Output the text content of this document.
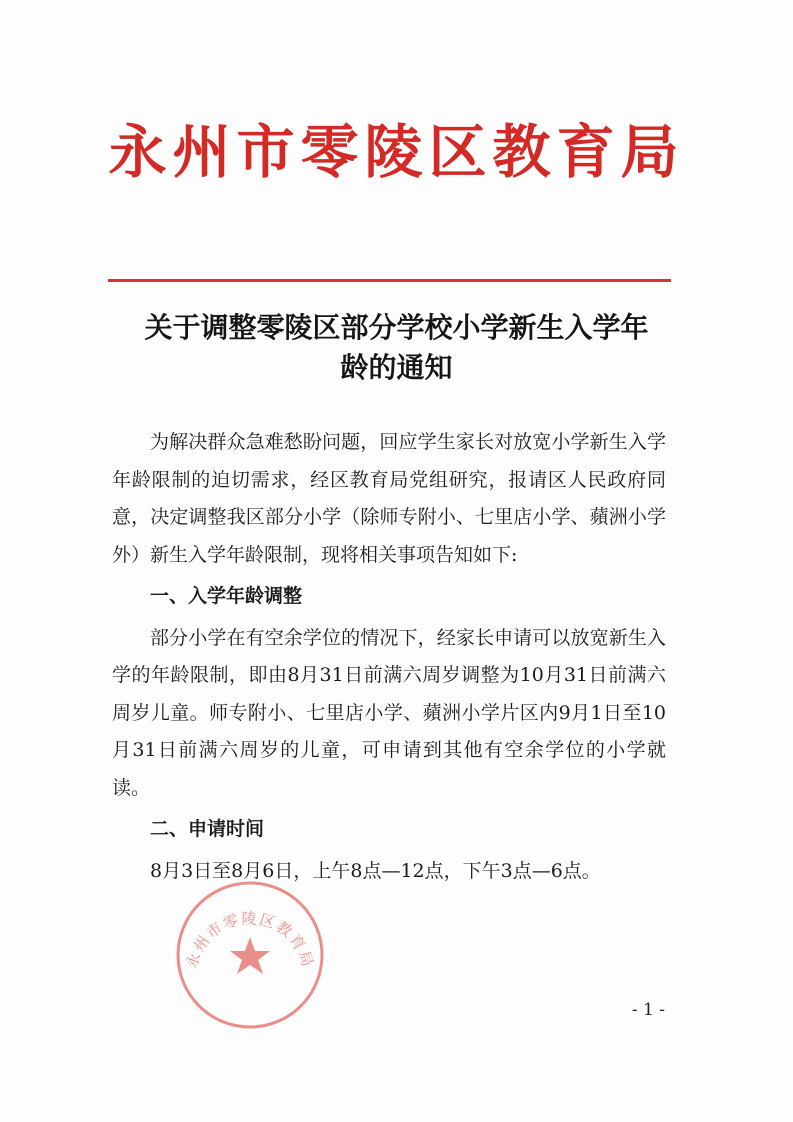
永州市零陵区教育局
关于调整零陵区部分学校小学新生入学年
龄的通知

为解决群众急难愁盼问题，回应学生家长对放宽小学新生入学年龄限制的迫切需求，经区教育局党组研究，报请区人民政府同意，决定调整我区部分小学（除师专附小、七里店小学、蘋洲小学外）新生入学年龄限制，现将相关事项告知如下:

一、入学年龄调整

部分小学在有空余学位的情况下，经家长申请可以放宽新生入学的年龄限制，即由8月31日前满六周岁调整为10月31日前满六周岁儿童。师专附小、七里店小学、蘋洲小学片区内9月1日至10月31日前满六周岁的儿童，可申请到其他有空余学位的小学就读。

二、申请时间

8月3日至8月6日，上午8点—12点，下午3点—6点。

永州市零陵区教育局
- 1 -
